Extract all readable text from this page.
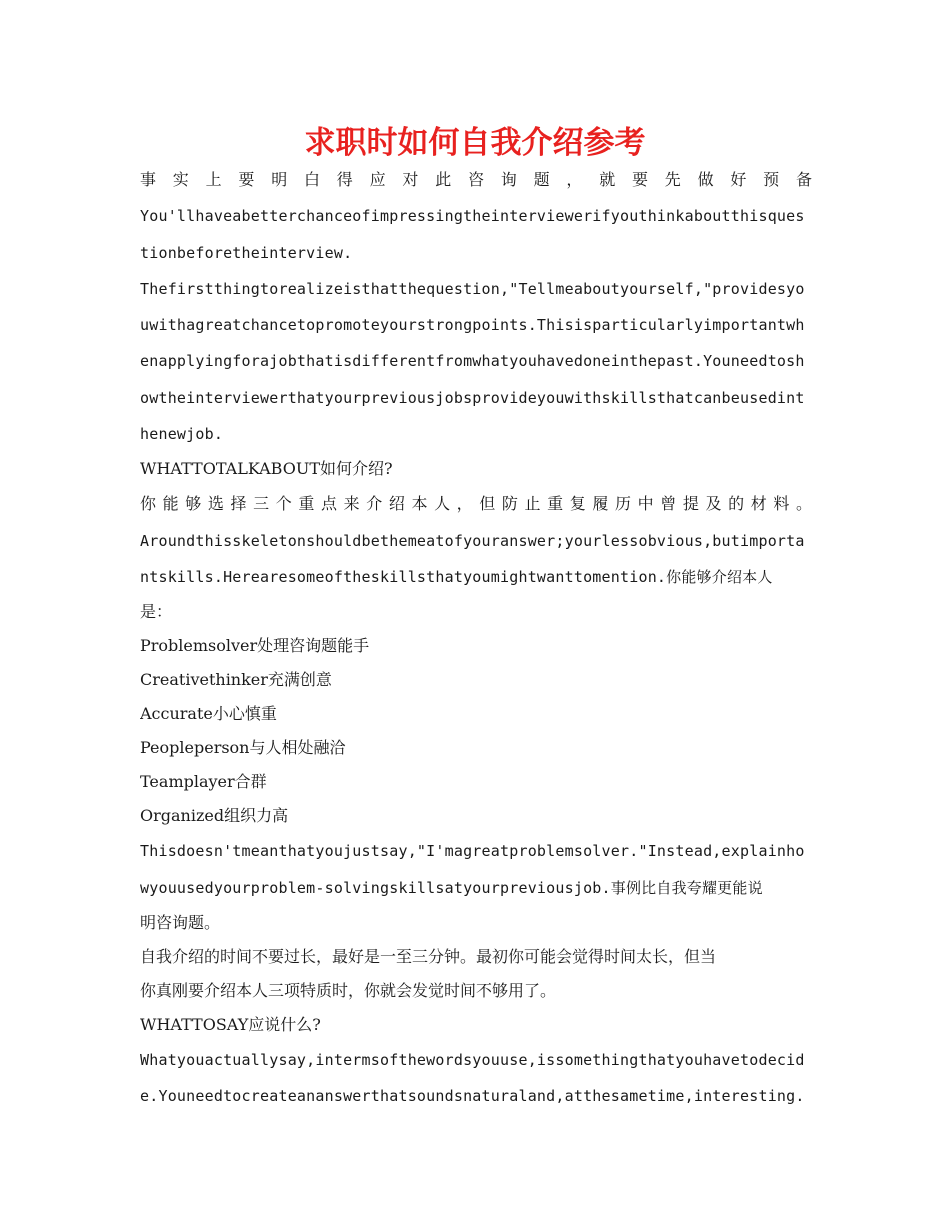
求职时如何自我介绍参考
事 实 上 要 明 白 得 应 对 此 咨 询 题 ， 就 要 先 做 好 预 备
You'llhaveabetterchanceofimpressingtheinterviewerifyouthinkaboutthisques
tionbeforetheinterview.
Thefirstthingtorealizeisthatthequestion,"Tellmeaboutyourself,"providesyo
uwithagreatchancetopromoteyourstrongpoints.Thisisparticularlyimportantwh
enapplyingforajobthatisdifferentfromwhatyouhavedoneinthepast.Youneedtosh
owtheinterviewerthatyourpreviousjobsprovideyouwithskillsthatcanbeusedint
henewjob.
WHATTOTALKABOUT如何介绍?
你 能 够 选 择 三 个 重 点 来 介 绍 本 人 ， 但 防 止 重 复 履 历 中 曾 提 及 的 材 料 。
Aroundthisskeletonshouldbethemeatofyouranswer;yourlessobvious,butimporta
ntskills.Herearesomeoftheskillsthatyoumightwanttomention.你能够介绍本人
是：
Problemsolver处理咨询题能手
Creativethinker充满创意
Accurate小心慎重
Peopleperson与人相处融洽
Teamplayer合群
Organized组织力高
Thisdoesn'tmeanthatyoujustsay,"I'magreatproblemsolver."Instead,explainho
wyouusedyourproblem-solvingskillsatyourpreviousjob.事例比自我夸耀更能说
明咨询题。
自我介绍的时间不要过长，最好是一至三分钟。最初你可能会觉得时间太长，但当
你真刚要介绍本人三项特质时，你就会发觉时间不够用了。
WHATTOSAY应说什么?
Whatyouactuallysay,intermsofthewordsyouuse,issomethingthatyouhavetodecid
e.Youneedtocreateananswerthatsoundsnaturaland,atthesametime,interesting.
